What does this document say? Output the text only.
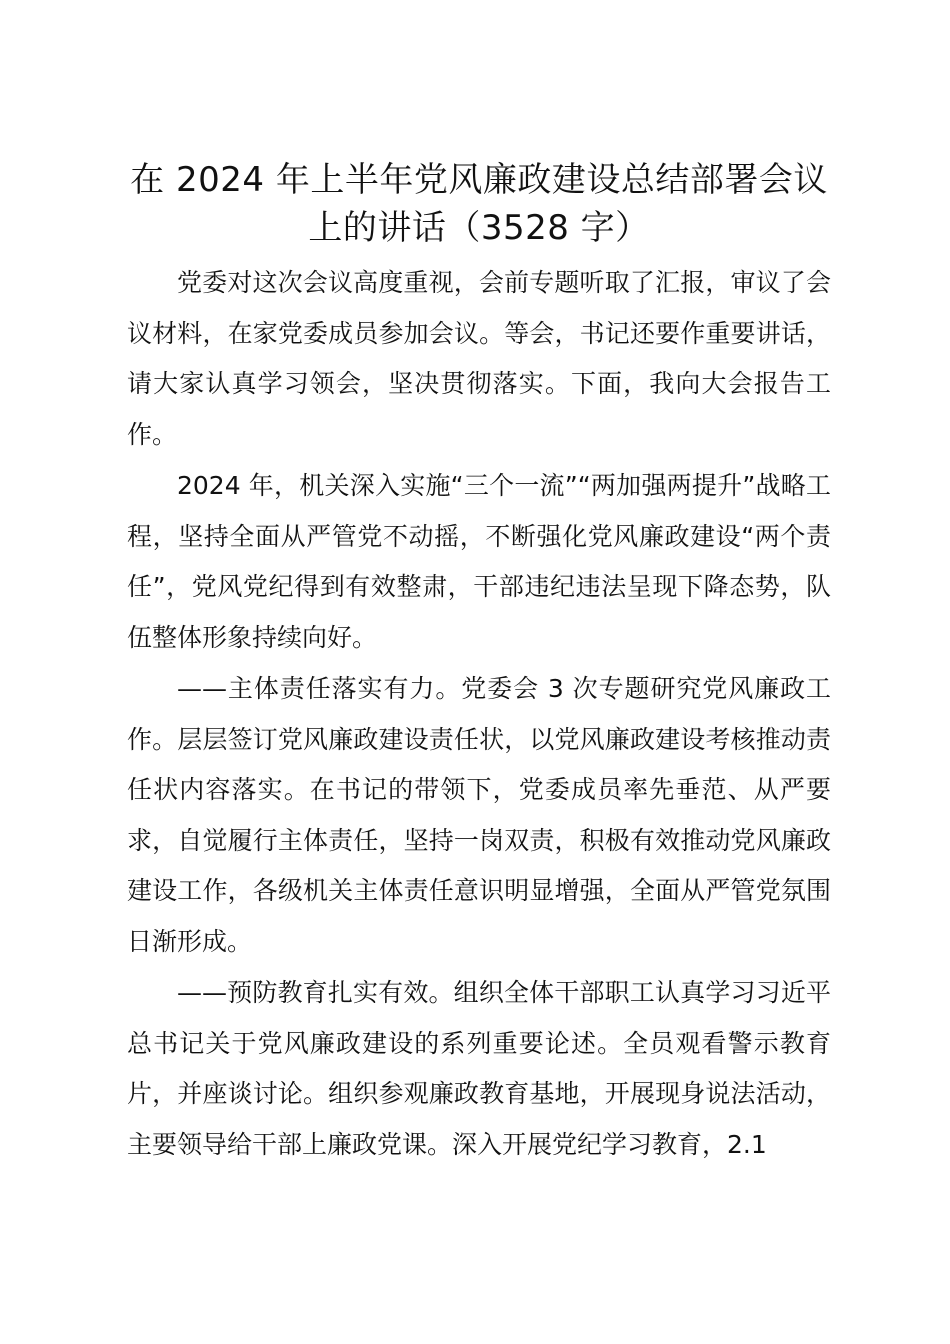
在 2024 年上半年党风廉政建设总结部署会议
上的讲话（3528 字）

党委对这次会议高度重视，会前专题听取了汇报，审议了会议材料，在家党委成员参加会议。等会，书记还要作重要讲话，请大家认真学习领会，坚决贯彻落实。下面，我向大会报告工作。

2024 年，机关深入实施“三个一流”“两加强两提升”战略工程，坚持全面从严管党不动摇，不断强化党风廉政建设“两个责任”，党风党纪得到有效整肃，干部违纪违法呈现下降态势，队伍整体形象持续向好。

——主体责任落实有力。党委会 3 次专题研究党风廉政工作。层层签订党风廉政建设责任状，以党风廉政建设考核推动责任状内容落实。在书记的带领下，党委成员率先垂范、从严要求，自觉履行主体责任，坚持一岗双责，积极有效推动党风廉政建设工作，各级机关主体责任意识明显增强，全面从严管党氛围日渐形成。

——预防教育扎实有效。组织全体干部职工认真学习习近平总书记关于党风廉政建设的系列重要论述。全员观看警示教育片，并座谈讨论。组织参观廉政教育基地，开展现身说法活动，主要领导给干部上廉政党课。深入开展党纪学习教育，2.1
